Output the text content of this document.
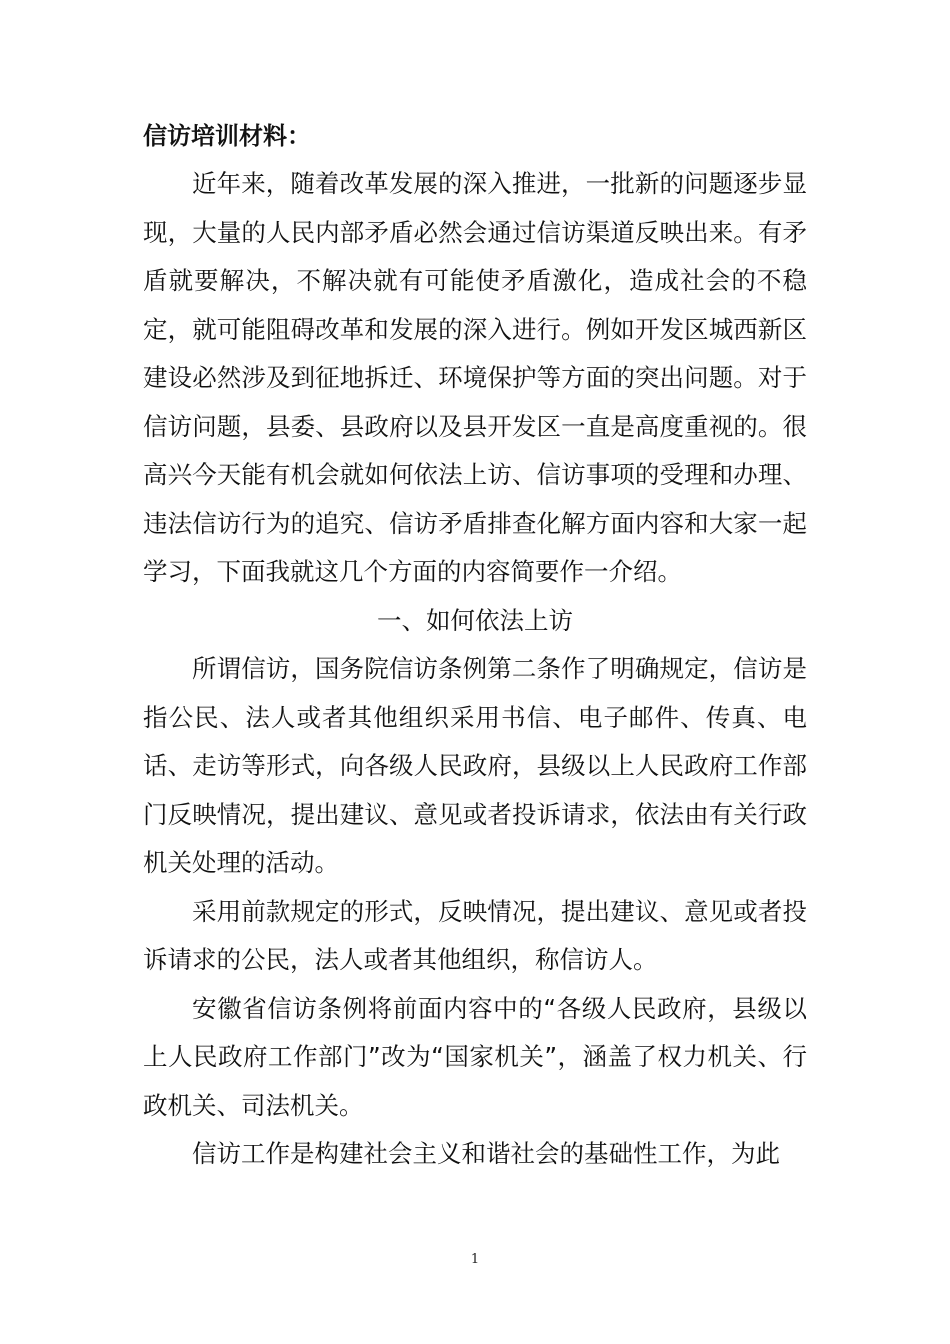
信访培训材料：

近年来，随着改革发展的深入推进，一批新的问题逐步显现，大量的人民内部矛盾必然会通过信访渠道反映出来。有矛盾就要解决，不解决就有可能使矛盾激化，造成社会的不稳定，就可能阻碍改革和发展的深入进行。例如开发区城西新区建设必然涉及到征地拆迁、环境保护等方面的突出问题。对于信访问题，县委、县政府以及县开发区一直是高度重视的。很高兴今天能有机会就如何依法上访、信访事项的受理和办理、违法信访行为的追究、信访矛盾排查化解方面内容和大家一起学习，下面我就这几个方面的内容简要作一介绍。

一、如何依法上访

所谓信访，国务院信访条例第二条作了明确规定，信访是指公民、法人或者其他组织采用书信、电子邮件、传真、电话、走访等形式，向各级人民政府，县级以上人民政府工作部门反映情况，提出建议、意见或者投诉请求，依法由有关行政机关处理的活动。

采用前款规定的形式，反映情况，提出建议、意见或者投诉请求的公民，法人或者其他组织，称信访人。

安徽省信访条例将前面内容中的“各级人民政府，县级以上人民政府工作部门”改为“国家机关”，涵盖了权力机关、行政机关、司法机关。

信访工作是构建社会主义和谐社会的基础性工作，为此

1
